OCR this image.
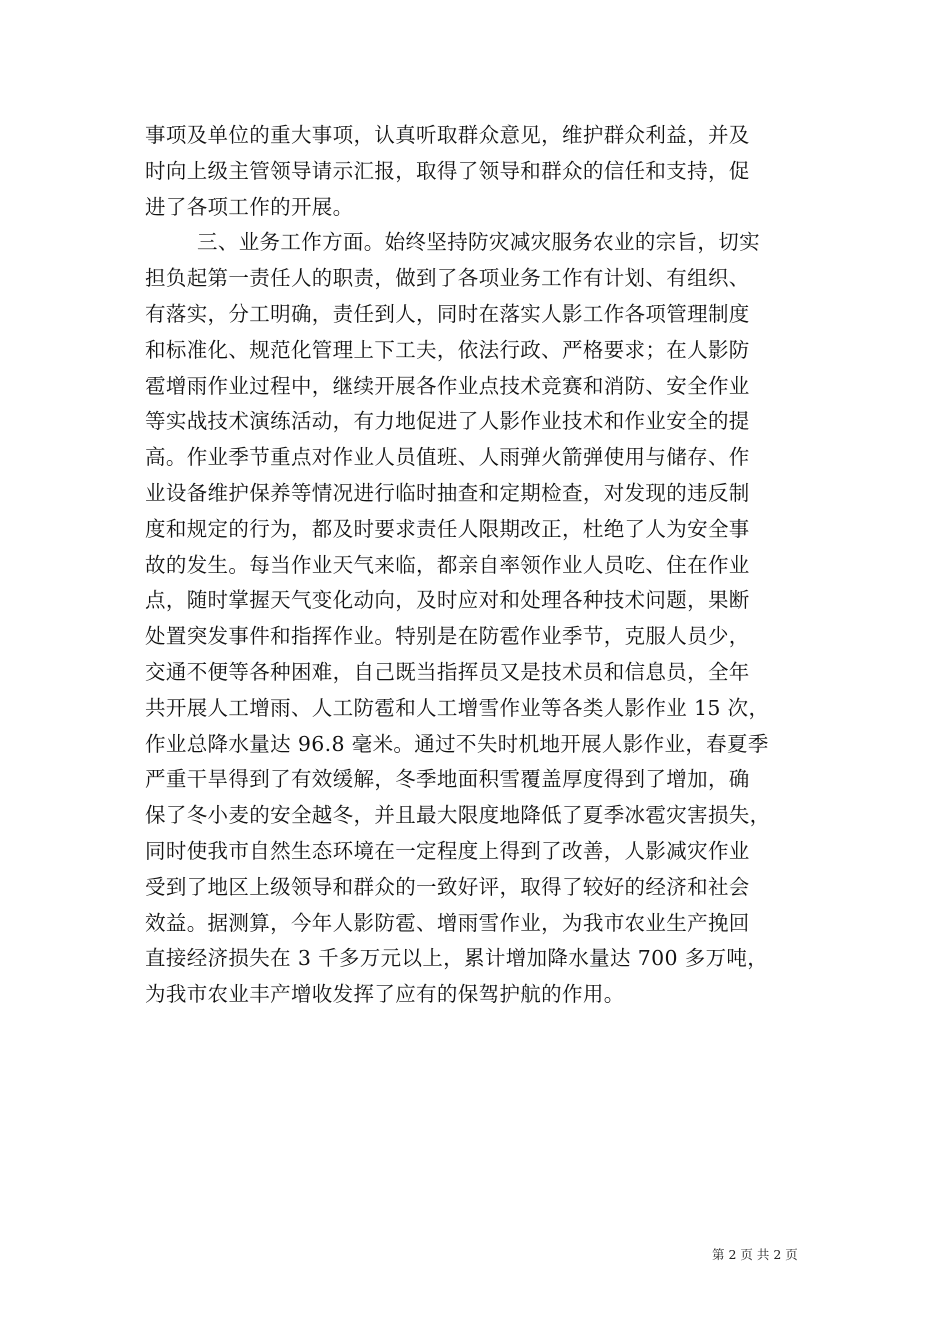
事项及单位的重大事项，认真听取群众意见，维护群众利益，并及
时向上级主管领导请示汇报，取得了领导和群众的信任和支持，促
进了各项工作的开展。
三、业务工作方面。始终坚持防灾减灾服务农业的宗旨，切实
担负起第一责任人的职责，做到了各项业务工作有计划、有组织、
有落实，分工明确，责任到人，同时在落实人影工作各项管理制度
和标准化、规范化管理上下工夫，依法行政、严格要求；在人影防
雹增雨作业过程中，继续开展各作业点技术竞赛和消防、安全作业
等实战技术演练活动，有力地促进了人影作业技术和作业安全的提
高。作业季节重点对作业人员值班、人雨弹火箭弹使用与储存、作
业设备维护保养等情况进行临时抽查和定期检查，对发现的违反制
度和规定的行为，都及时要求责任人限期改正，杜绝了人为安全事
故的发生。每当作业天气来临，都亲自率领作业人员吃、住在作业
点，随时掌握天气变化动向，及时应对和处理各种技术问题，果断
处置突发事件和指挥作业。特别是在防雹作业季节，克服人员少，
交通不便等各种困难，自己既当指挥员又是技术员和信息员，全年
共开展人工增雨、人工防雹和人工增雪作业等各类人影作业 15 次，
作业总降水量达 96.8 毫米。通过不失时机地开展人影作业，春夏季
严重干旱得到了有效缓解，冬季地面积雪覆盖厚度得到了增加，确
保了冬小麦的安全越冬，并且最大限度地降低了夏季冰雹灾害损失，
同时使我市自然生态环境在一定程度上得到了改善，人影减灾作业
受到了地区上级领导和群众的一致好评，取得了较好的经济和社会
效益。据测算，今年人影防雹、增雨雪作业，为我市农业生产挽回
直接经济损失在 3 千多万元以上，累计增加降水量达 700 多万吨，
为我市农业丰产增收发挥了应有的保驾护航的作用。
第 2 页 共 2 页
